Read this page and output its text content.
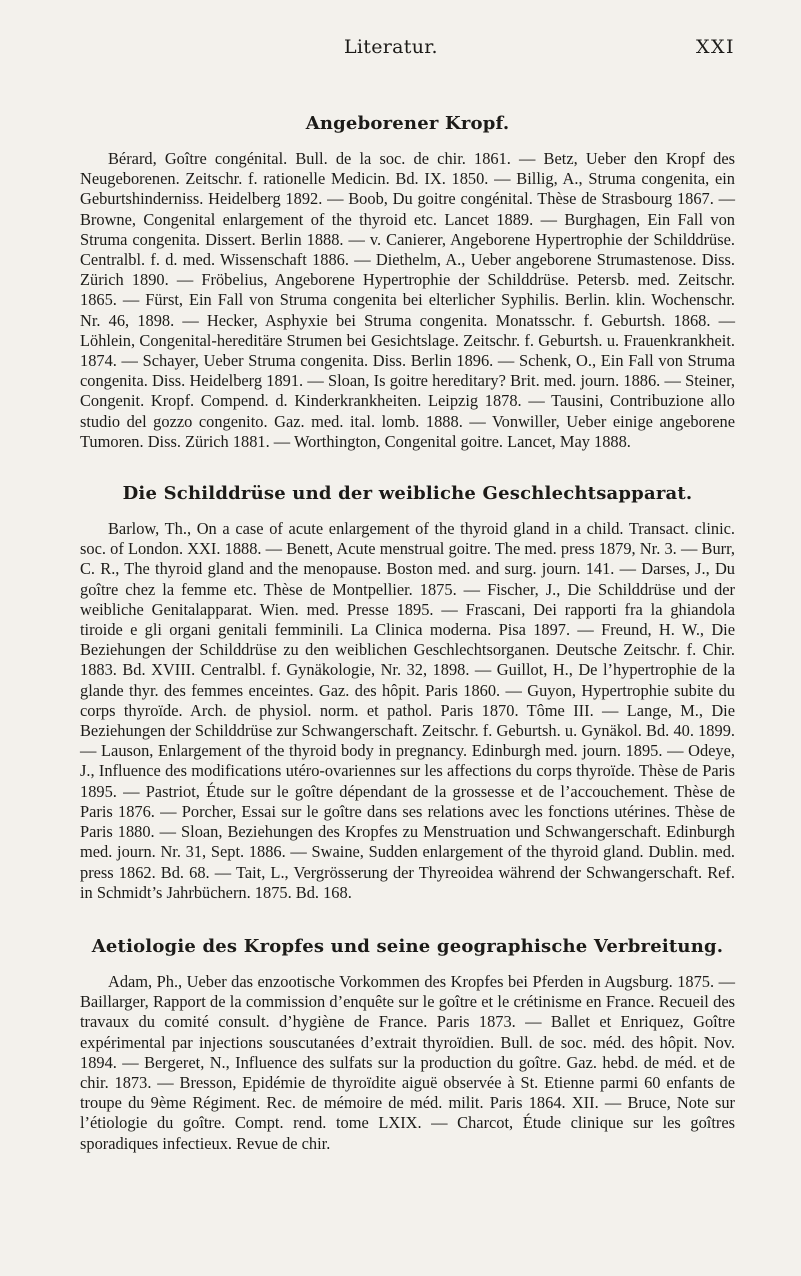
Literatur.	XXI
Angeborener Kropf.

Bérard, Goître congénital. Bull. de la soc. de chir. 1861. — Betz, Ueber den Kropf des Neugeborenen. Zeitschr. f. rationelle Medicin. Bd. IX. 1850. — Billig, A., Struma congenita, ein Geburtshinderniss. Heidelberg 1892. — Boob, Du goitre congénital. Thèse de Strasbourg 1867. — Browne, Congenital enlargement of the thyroid etc. Lancet 1889. — Burghagen, Ein Fall von Struma congenita. Dissert. Berlin 1888. — v. Canierer, Angeborene Hypertrophie der Schilddrüse. Centralbl. f. d. med. Wissenschaft 1886. — Diethelm, A., Ueber angeborene Strumastenose. Diss. Zürich 1890. — Fröbelius, Angeborene Hypertrophie der Schilddrüse. Petersb. med. Zeitschr. 1865. — Fürst, Ein Fall von Struma congenita bei elterlicher Syphilis. Berlin. klin. Wochenschr. Nr. 46, 1898. — Hecker, Asphyxie bei Struma congenita. Monatsschr. f. Geburtsh. 1868. — Löhlein, Congenital-hereditäre Strumen bei Gesichtslage. Zeitschr. f. Geburtsh. u. Frauenkrankheit. 1874. — Schayer, Ueber Struma congenita. Diss. Berlin 1896. — Schenk, O., Ein Fall von Struma congenita. Diss. Heidelberg 1891. — Sloan, Is goitre hereditary? Brit. med. journ. 1886. — Steiner, Congenit. Kropf. Compend. d. Kinderkrankheiten. Leipzig 1878. — Tausini, Contribuzione allo studio del gozzo congenito. Gaz. med. ital. lomb. 1888. — Vonwiller, Ueber einige angeborene Tumoren. Diss. Zürich 1881. — Worthington, Congenital goitre. Lancet, May 1888.

Die Schilddrüse und der weibliche Geschlechtsapparat.

Barlow, Th., On a case of acute enlargement of the thyroid gland in a child. Transact. clinic. soc. of London. XXI. 1888. — Benett, Acute menstrual goitre. The med. press 1879, Nr. 3. — Burr, C. R., The thyroid gland and the menopause. Boston med. and surg. journ. 141. — Darses, J., Du goître chez la femme etc. Thèse de Montpellier. 1875. — Fischer, J., Die Schilddrüse und der weibliche Genitalapparat. Wien. med. Presse 1895. — Frascani, Dei rapporti fra la ghiandola tiroide e gli organi genitali femminili. La Clinica moderna. Pisa 1897. — Freund, H. W., Die Beziehungen der Schilddrüse zu den weiblichen Geschlechtsorganen. Deutsche Zeitschr. f. Chir. 1883. Bd. XVIII. Centralbl. f. Gynäkologie, Nr. 32, 1898. — Guillot, H., De l’hypertrophie de la glande thyr. des femmes enceintes. Gaz. des hôpit. Paris 1860. — Guyon, Hypertrophie subite du corps thyroïde. Arch. de physiol. norm. et pathol. Paris 1870. Tôme III. — Lange, M., Die Beziehungen der Schilddrüse zur Schwangerschaft. Zeitschr. f. Geburtsh. u. Gynäkol. Bd. 40. 1899. — Lauson, Enlargement of the thyroid body in pregnancy. Edinburgh med. journ. 1895. — Odeye, J., Influence des modifications utéro-ovariennes sur les affections du corps thyroïde. Thèse de Paris 1895. — Pastriot, Étude sur le goître dépendant de la grossesse et de l’accouchement. Thèse de Paris 1876. — Porcher, Essai sur le goître dans ses relations avec les fonctions utérines. Thèse de Paris 1880. — Sloan, Beziehungen des Kropfes zu Menstruation und Schwangerschaft. Edinburgh med. journ. Nr. 31, Sept. 1886. — Swaine, Sudden enlargement of the thyroid gland. Dublin. med. press 1862. Bd. 68. — Tait, L., Vergrösserung der Thyreoidea während der Schwangerschaft. Ref. in Schmidt’s Jahrbüchern. 1875. Bd. 168.

Aetiologie des Kropfes und seine geographische Verbreitung.

Adam, Ph., Ueber das enzootische Vorkommen des Kropfes bei Pferden in Augsburg. 1875. — Baillarger, Rapport de la commission d’enquête sur le goître et le crétinisme en France. Recueil des travaux du comité consult. d’hygiène de France. Paris 1873. — Ballet et Enriquez, Goître expérimental par injections souscutanées d’extrait thyroïdien. Bull. de soc. méd. des hôpit. Nov. 1894. — Bergeret, N., Influence des sulfats sur la production du goître. Gaz. hebd. de méd. et de chir. 1873. — Bresson, Epidémie de thyroïdite aiguë observée à St. Etienne parmi 60 enfants de troupe du 9ème Régiment. Rec. de mémoire de méd. milit. Paris 1864. XII. — Bruce, Note sur l’étiologie du goître. Compt. rend. tome LXIX. — Charcot, Étude clinique sur les goîtres sporadiques infectieux. Revue de chir.
